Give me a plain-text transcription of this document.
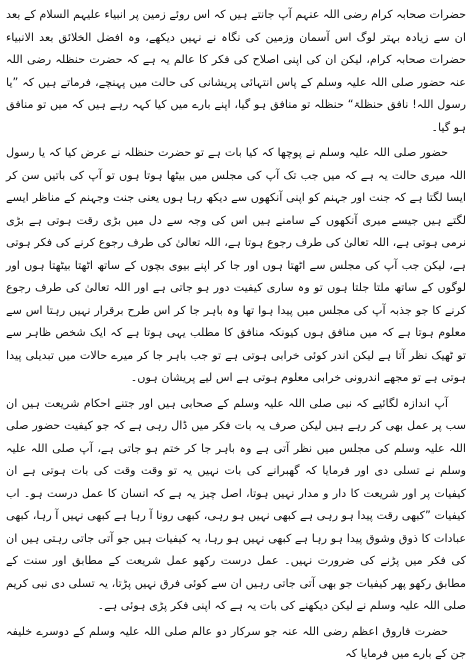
حضرات صحابہ کرام رضی اللہ عنہم آپ جانتے ہیں کہ اس روئے زمین پر انبیاء علیہم السلام کے بعد ان سے زیادہ بہتر لوگ اس آسمان وزمین کی نگاہ نے نہیں دیکھے، وہ افضل الخلائق بعد الانبیاء حضرات صحابہ کرام، لیکن ان کی اپنی اصلاح کی فکر کا عالم یہ ہے کہ حضرت حنظلہ رضی اللہ عنہ حضور صلی اللہ علیہ وسلم کے پاس انتہائی پریشانی کی حالت میں پہنچے، فرماتے ہیں کہ ”یا رسول اللہ! نافق حنظلۃ“ حنظلہ تو منافق ہو گیا، اپنے بارے میں کیا کہہ رہے ہیں کہ میں تو منافق ہو گیا۔

حضور صلی اللہ علیہ وسلم نے پوچھا کہ کیا بات ہے تو حضرت حنظلہ نے عرض کیا کہ یا رسول اللہ میری حالت یہ ہے کہ میں جب تک آپ کی مجلس میں بیٹھا ہوتا ہوں تو آپ کی باتیں سن کر ایسا لگتا ہے کہ جنت اور جہنم کو اپنی آنکھوں سے دیکھ رہا ہوں یعنی جنت وجہنم کے مناظر ایسے لگتے ہیں جیسے میری آنکھوں کے سامنے ہیں اس کی وجہ سے دل میں بڑی رقت ہوتی ہے بڑی نرمی ہوتی ہے، اللہ تعالیٰ کی طرف رجوع ہوتا ہے، اللہ تعالیٰ کی طرف رجوع کرنے کی فکر ہوتی ہے، لیکن جب آپ کی مجلس سے اٹھتا ہوں اور جا کر اپنے بیوی بچوں کے ساتھ اٹھتا بیٹھتا ہوں اور لوگوں کے ساتھ ملتا جلتا ہوں تو وہ ساری کیفیت دور ہو جاتی ہے اور اللہ تعالیٰ کی طرف رجوع کرنے کا جو جذبہ آپ کی مجلس میں پیدا ہوا تھا وہ باہر جا کر اس طرح برقرار نہیں رہتا اس سے معلوم ہوتا ہے کہ میں منافق ہوں کیونکہ منافق کا مطلب یہی ہوتا ہے کہ ایک شخص ظاہر سے تو ٹھیک نظر آتا ہے لیکن اندر کوئی خرابی ہوتی ہے تو جب باہر جا کر میرے حالات میں تبدیلی پیدا ہوتی ہے تو مجھے اندرونی خرابی معلوم ہوتی ہے اس لیے پریشان ہوں۔

آپ اندازہ لگائیے کہ نبی صلی اللہ علیہ وسلم کے صحابی ہیں اور جتنے احکام شریعت ہیں ان سب پر عمل بھی کر رہے ہیں لیکن صرف یہ بات فکر میں ڈال رہی ہے کہ جو کیفیت حضور صلی اللہ علیہ وسلم کی مجلس میں نظر آتی ہے وہ باہر جا کر ختم ہو جاتی ہے، آپ صلی اللہ علیہ وسلم نے تسلی دی اور فرمایا کہ گھبرانے کی بات نہیں یہ تو وقت وقت کی بات ہوتی ہے ان کیفیات پر اور شریعت کا دار و مدار نہیں ہوتا، اصل چیز یہ ہے کہ انسان کا عمل درست ہو۔ اب کیفیات ”کبھی رقت پیدا ہو رہی ہے کبھی نہیں ہو رہی، کبھی رونا آ رہا ہے کبھی نہیں آ رہا، کبھی عبادات کا ذوق وشوق پیدا ہو رہا ہے کبھی نہیں ہو رہا، یہ کیفیات ہیں جو آتی جاتی رہتی ہیں ان کی فکر میں پڑنے کی ضرورت نہیں۔ عمل درست رکھو عمل شریعت کے مطابق اور سنت کے مطابق رکھو پھر کیفیات جو بھی آتی جاتی رہیں ان سے کوئی فرق نہیں پڑتا، یہ تسلی دی نبی کریم صلی اللہ علیہ وسلم نے لیکن دیکھنے کی بات یہ ہے کہ اپنی فکر پڑی ہوئی ہے۔

حضرت فاروق اعظم رضی اللہ عنہ جو سرکار دو عالم صلی اللہ علیہ وسلم کے دوسرے خلیفہ جن کے بارے میں فرمایا کہ
